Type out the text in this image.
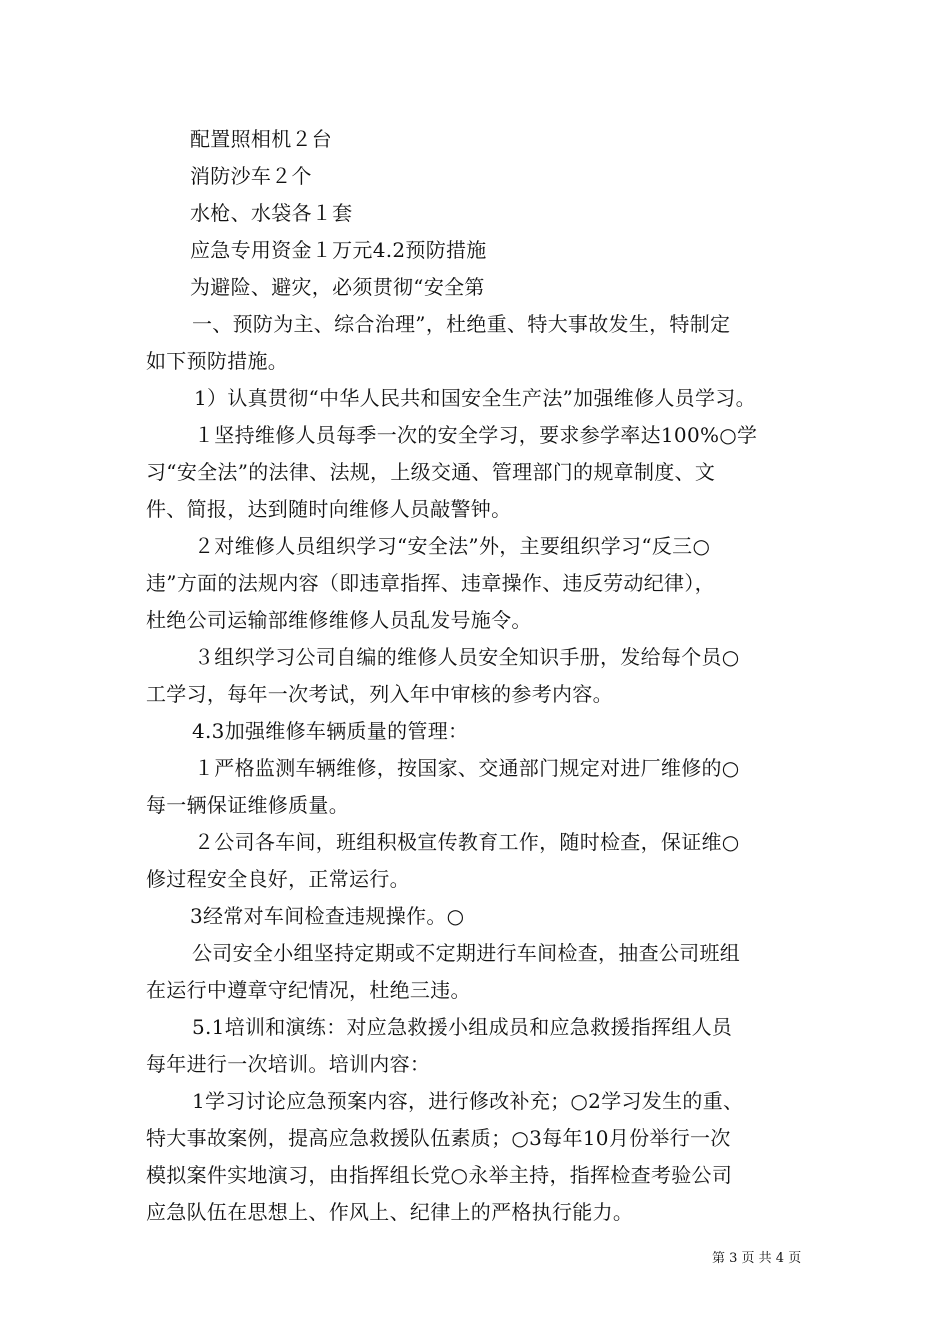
配置照相机２台
消防沙车２个
水枪、水袋各１套
应急专用资金１万元4.2预防措施
为避险、避灾，必须贯彻“安全第
一、预防为主、综合治理”，杜绝重、特大事故发生，特制定
如下预防措施。
1）认真贯彻“中华人民共和国安全生产法”加强维修人员学习。
１坚持维修人员每季一次的安全学习，要求参学率达100%○学
习“安全法”的法律、法规，上级交通、管理部门的规章制度、文
件、简报，达到随时向维修人员敲警钟。
２对维修人员组织学习“安全法”外，主要组织学习“反三○
违”方面的法规内容（即违章指挥、违章操作、违反劳动纪律），
杜绝公司运输部维修维修人员乱发号施令。
３组织学习公司自编的维修人员安全知识手册，发给每个员○
工学习，每年一次考试，列入年中审核的参考内容。
4.3加强维修车辆质量的管理：
１严格监测车辆维修，按国家、交通部门规定对进厂维修的○
每一辆保证维修质量。
２公司各车间，班组积极宣传教育工作，随时检查，保证维○
修过程安全良好，正常运行。
3经常对车间检查违规操作。○
公司安全小组坚持定期或不定期进行车间检查，抽查公司班组
在运行中遵章守纪情况，杜绝三违。
5.1培训和演练：对应急救援小组成员和应急救援指挥组人员
每年进行一次培训。培训内容：
1学习讨论应急预案内容，进行修改补充；○2学习发生的重、
特大事故案例，提高应急救援队伍素质；○3每年10月份举行一次
模拟案件实地演习，由指挥组长党○永举主持，指挥检查考验公司
应急队伍在思想上、作风上、纪律上的严格执行能力。
第 3 页 共 4 页
